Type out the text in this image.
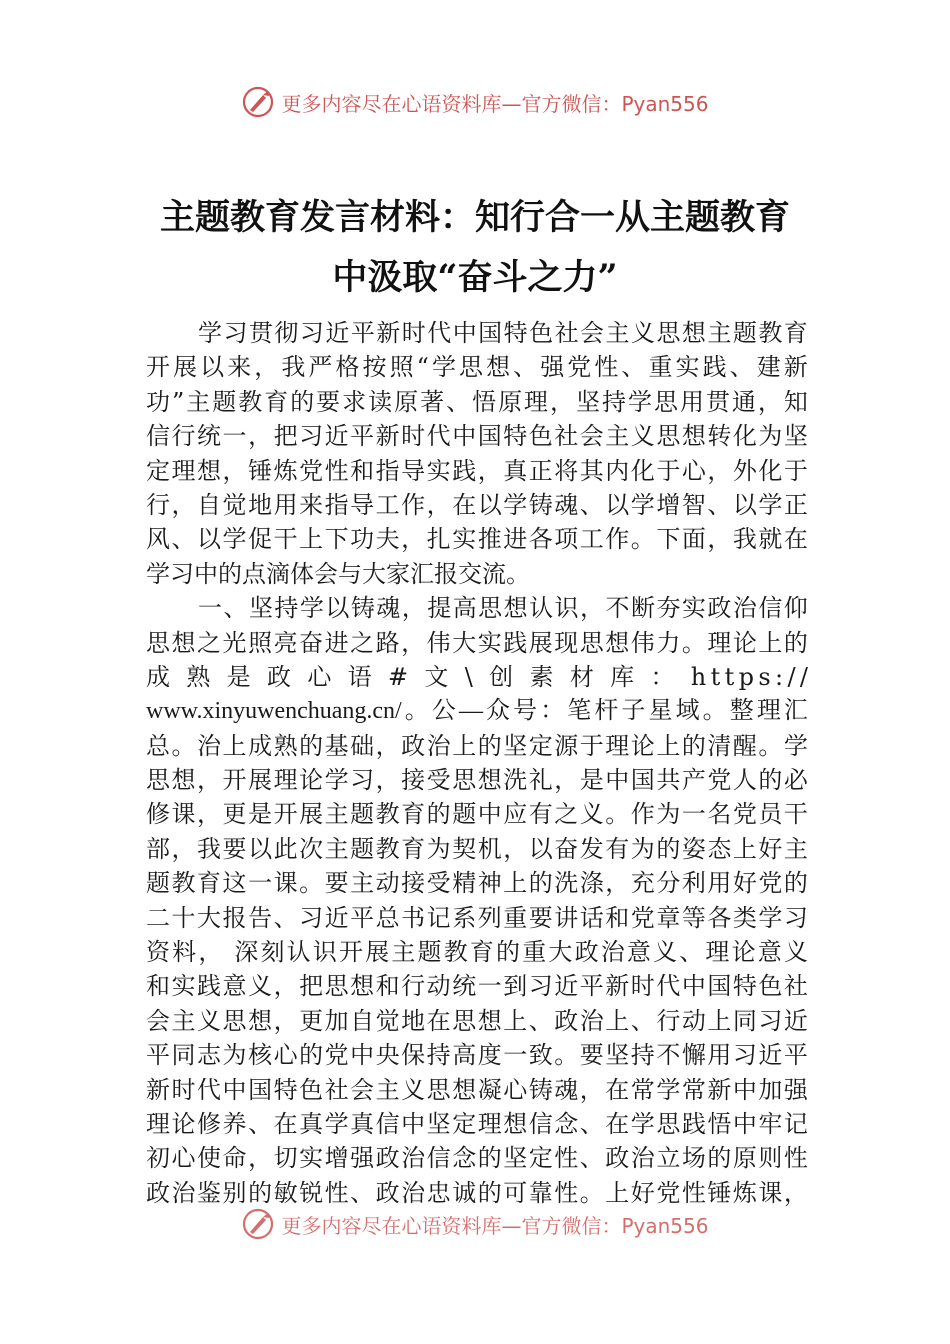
更多内容尽在心语资料库—官方微信：Pyan556
主题教育发言材料：知行合一从主题教育
中汲取“奋斗之力”
学 习 贯 彻 习 近 平 新 时 代 中 国 特 色 社 会 主 义 思 想 主 题 教 育
开 展 以 来 ， 我 严 格 按 照 “ 学 思 想 、 强 党 性 、 重 实 践 、 建 新
功 ” 主 题 教 育 的 要 求 读 原 著 、 悟 原 理 ， 坚 持 学 思 用 贯 通 ， 知
信 行 统 一 ， 把 习 近 平 新 时 代 中 国 特 色 社 会 主 义 思 想 转 化 为 坚
定 理 想 ， 锤 炼 党 性 和 指 导 实 践 ， 真 正 将 其 内 化 于 心 ， 外 化 于
行 ， 自 觉 地 用 来 指 导 工 作 ， 在 以 学 铸 魂 、 以 学 增 智 、 以 学 正
风 、 以 学 促 干 上 下 功 夫 ， 扎 实 推 进 各 项 工 作 。 下 面 ， 我 就 在
学习中的点滴体会与大家汇报交流。
一 、 坚 持 学 以 铸 魂 ， 提 高 思 想 认 识 ， 不 断 夯 实 政 治 信 仰
思 想 之 光 照 亮 奋 进 之 路 ， 伟 大 实 践 展 现 思 想 伟 力 。 理 论 上 的
成
熟
是
政
心
语
#
文
\
创
素
材
库
：
h t t p s : / /
www.xinyuwenchuang.cn/ 。 公 — 众 号 ： 笔 杆 子 星 域 。 整 理 汇
总 。 治 上 成 熟 的 基 础 ， 政 治 上 的 坚 定 源 于 理 论 上 的 清 醒 。 学
思 想 ， 开 展 理 论 学 习 ， 接 受 思 想 洗 礼 ， 是 中 国 共 产 党 人 的 必
修 课 ， 更 是 开 展 主 题 教 育 的 题 中 应 有 之 义 。 作 为 一 名 党 员 干
部 ， 我 要 以 此 次 主 题 教 育 为 契 机 ， 以 奋 发 有 为 的 姿 态 上 好 主
题 教 育 这 一 课 。 要 主 动 接 受 精 神 上 的 洗 涤 ， 充 分 利 用 好 党 的
二 十 大 报 告 、 习 近 平 总 书 记 系 列 重 要 讲 话 和 党 章 等 各 类 学 习
资 料 ，
深 刻 认 识 开 展 主 题 教 育 的 重 大 政 治 意 义 、 理 论 意 义
和 实 践 意 义 ， 把 思 想 和 行 动 统 一 到 习 近 平 新 时 代 中 国 特 色 社
会 主 义 思 想 ， 更 加 自 觉 地 在 思 想 上 、 政 治 上 、 行 动 上 同 习 近
平 同 志 为 核 心 的 党 中 央 保 持 高 度 一 致 。 要 坚 持 不 懈 用 习 近 平
新 时 代 中 国 特 色 社 会 主 义 思 想 凝 心 铸 魂 ， 在 常 学 常 新 中 加 强
理 论 修 养 、 在 真 学 真 信 中 坚 定 理 想 信 念 、 在 学 思 践 悟 中 牢 记
初 心 使 命 ， 切 实 增 强 政 治 信 念 的 坚 定 性 、 政 治 立 场 的 原 则 性
政 治 鉴 别 的 敏 锐 性 、 政 治 忠 诚 的 可 靠 性 。 上 好 党 性 锤 炼 课 ，
更多内容尽在心语资料库—官方微信：Pyan556
